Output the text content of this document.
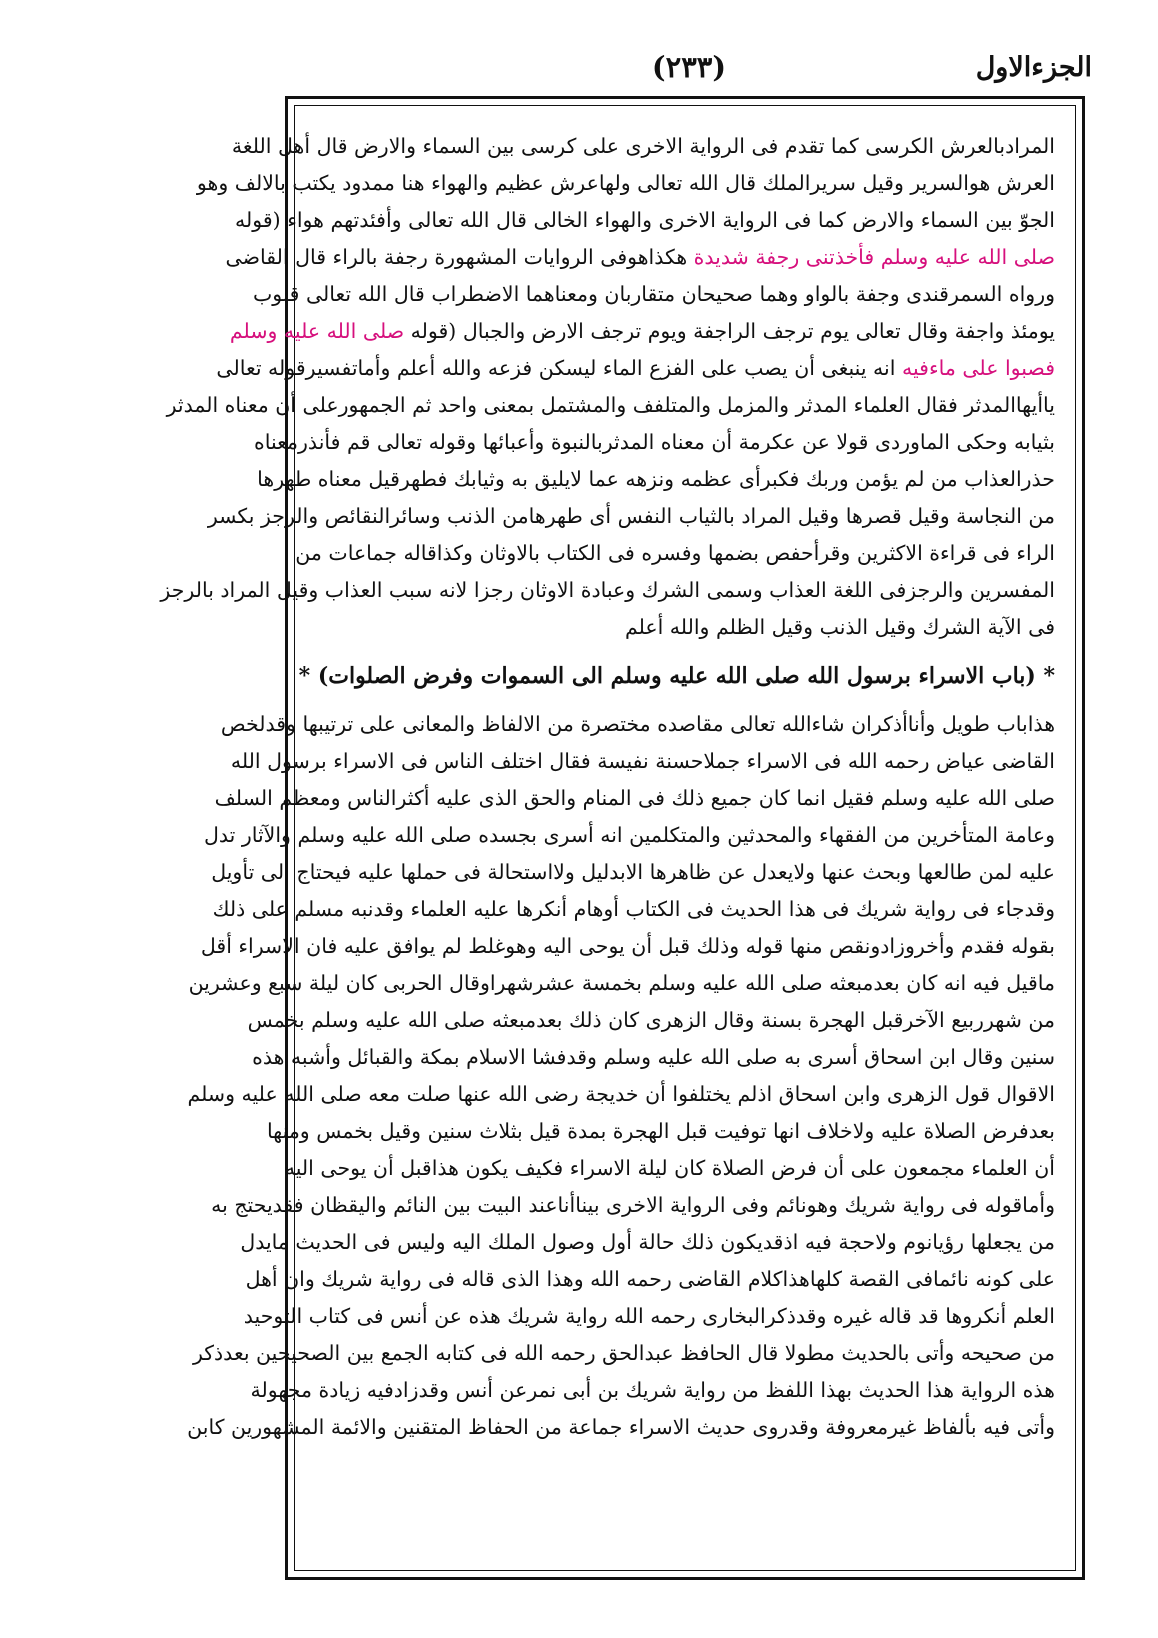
الجزءالاول
(٢٣٣)
المرادبالعرش الكرسى كما تقدم فى الرواية الاخرى على كرسى بين السماء والارض قال أهل اللغة
العرش هوالسرير وقيل سريرالملك قال الله تعالى ولهاعرش عظيم والهواء هنا ممدود يكتب بالالف وهو
الجوّ بين السماء والارض كما فى الرواية الاخرى والهواء الخالى قال الله تعالى وأفئدتهم هواء (قوله
صلى الله عليه وسلم فأخذتنى رجفة شديدة هكذاهوفى الروايات المشهورة رجفة بالراء قال القاضى
ورواه السمرقندى وجفة بالواو وهما صحيحان متقاربان ومعناهما الاضطراب قال الله تعالى قلوب
يومئذ واجفة وقال تعالى يوم ترجف الراجفة ويوم ترجف الارض والجبال (قوله صلى الله عليه وسلم
فصبوا على ماءفيه انه ينبغى أن يصب على الفزع الماء ليسكن فزعه والله أعلم وأماتفسيرقوله تعالى
ياأيهاالمدثر فقال العلماء المدثر والمزمل والمتلفف والمشتمل بمعنى واحد ثم الجمهورعلى أن معناه المدثر
بثيابه وحكى الماوردى قولا عن عكرمة أن معناه المدثربالنبوة وأعبائها وقوله تعالى قم فأنذرمعناه
حذرالعذاب من لم يؤمن وربك فكبرأى عظمه ونزهه عما لايليق به وثيابك فطهرقيل معناه طهرها
من النجاسة وقيل قصرها وقيل المراد بالثياب النفس أى طهرهامن الذنب وسائرالنقائص والرجز بكسر
الراء فى قراءة الاكثرين وقرأحفص بضمها وفسره فى الكتاب بالاوثان وكذاقاله جماعات من
المفسرين والرجزفى اللغة العذاب وسمى الشرك وعبادة الاوثان رجزا لانه سبب العذاب وقيل المراد بالرجز
فى الآية الشرك وقيل الذنب وقيل الظلم والله أعلم
* (باب الاسراء برسول الله صلى الله عليه وسلم الى السموات وفرض الصلوات) *
هذاباب طويل وأناأذكران شاءالله تعالى مقاصده مختصرة من الالفاظ والمعانى على ترتيبها وقدلخص
القاضى عياض رحمه الله فى الاسراء جملاحسنة نفيسة فقال اختلف الناس فى الاسراء برسول الله
صلى الله عليه وسلم فقيل انما كان جميع ذلك فى المنام والحق الذى عليه أكثرالناس ومعظم السلف
وعامة المتأخرين من الفقهاء والمحدثين والمتكلمين انه أسرى بجسده صلى الله عليه وسلم والآثار تدل
عليه لمن طالعها وبحث عنها ولايعدل عن ظاهرها الابدليل ولااستحالة فى حملها عليه فيحتاج الى تأويل
وقدجاء فى رواية شريك فى هذا الحديث فى الكتاب أوهام أنكرها عليه العلماء وقدنبه مسلم على ذلك
بقوله فقدم وأخروزادونقص منها قوله وذلك قبل أن يوحى اليه وهوغلط لم يوافق عليه فان الاسراء أقل
ماقيل فيه انه كان بعدمبعثه صلى الله عليه وسلم بخمسة عشرشهراوقال الحربى كان ليلة سبع وعشرين
من شهرربيع الآخرقبل الهجرة بسنة وقال الزهرى كان ذلك بعدمبعثه صلى الله عليه وسلم بخمس
سنين وقال ابن اسحاق أسرى به صلى الله عليه وسلم وقدفشا الاسلام بمكة والقبائل وأشبه هذه
الاقوال قول الزهرى وابن اسحاق اذلم يختلفوا أن خديجة رضى الله عنها صلت معه صلى الله عليه وسلم
بعدفرض الصلاة عليه ولاخلاف انها توفيت قبل الهجرة بمدة قيل بثلاث سنين وقيل بخمس ومنها
أن العلماء مجمعون على أن فرض الصلاة كان ليلة الاسراء فكيف يكون هذاقبل أن يوحى اليه
وأماقوله فى رواية شريك وهونائم وفى الرواية الاخرى بيناأناعند البيت بين النائم واليقظان فقديحتج به
من يجعلها رؤيانوم ولاحجة فيه اذقديكون ذلك حالة أول وصول الملك اليه وليس فى الحديث مايدل
على كونه نائمافى القصة كلهاهذاكلام القاضى رحمه الله وهذا الذى قاله فى رواية شريك وان أهل
العلم أنكروها قد قاله غيره وقدذكرالبخارى رحمه الله رواية شريك هذه عن أنس فى كتاب التوحيد
من صحيحه وأتى بالحديث مطولا قال الحافظ عبدالحق رحمه الله فى كتابه الجمع بين الصحيحين بعدذكر
هذه الرواية هذا الحديث بهذا اللفظ من رواية شريك بن أبى نمرعن أنس وقدزادفيه زيادة مجهولة
وأتى فيه بألفاظ غيرمعروفة وقدروى حديث الاسراء جماعة من الحفاظ المتقنين والائمة المشهورين كابن
